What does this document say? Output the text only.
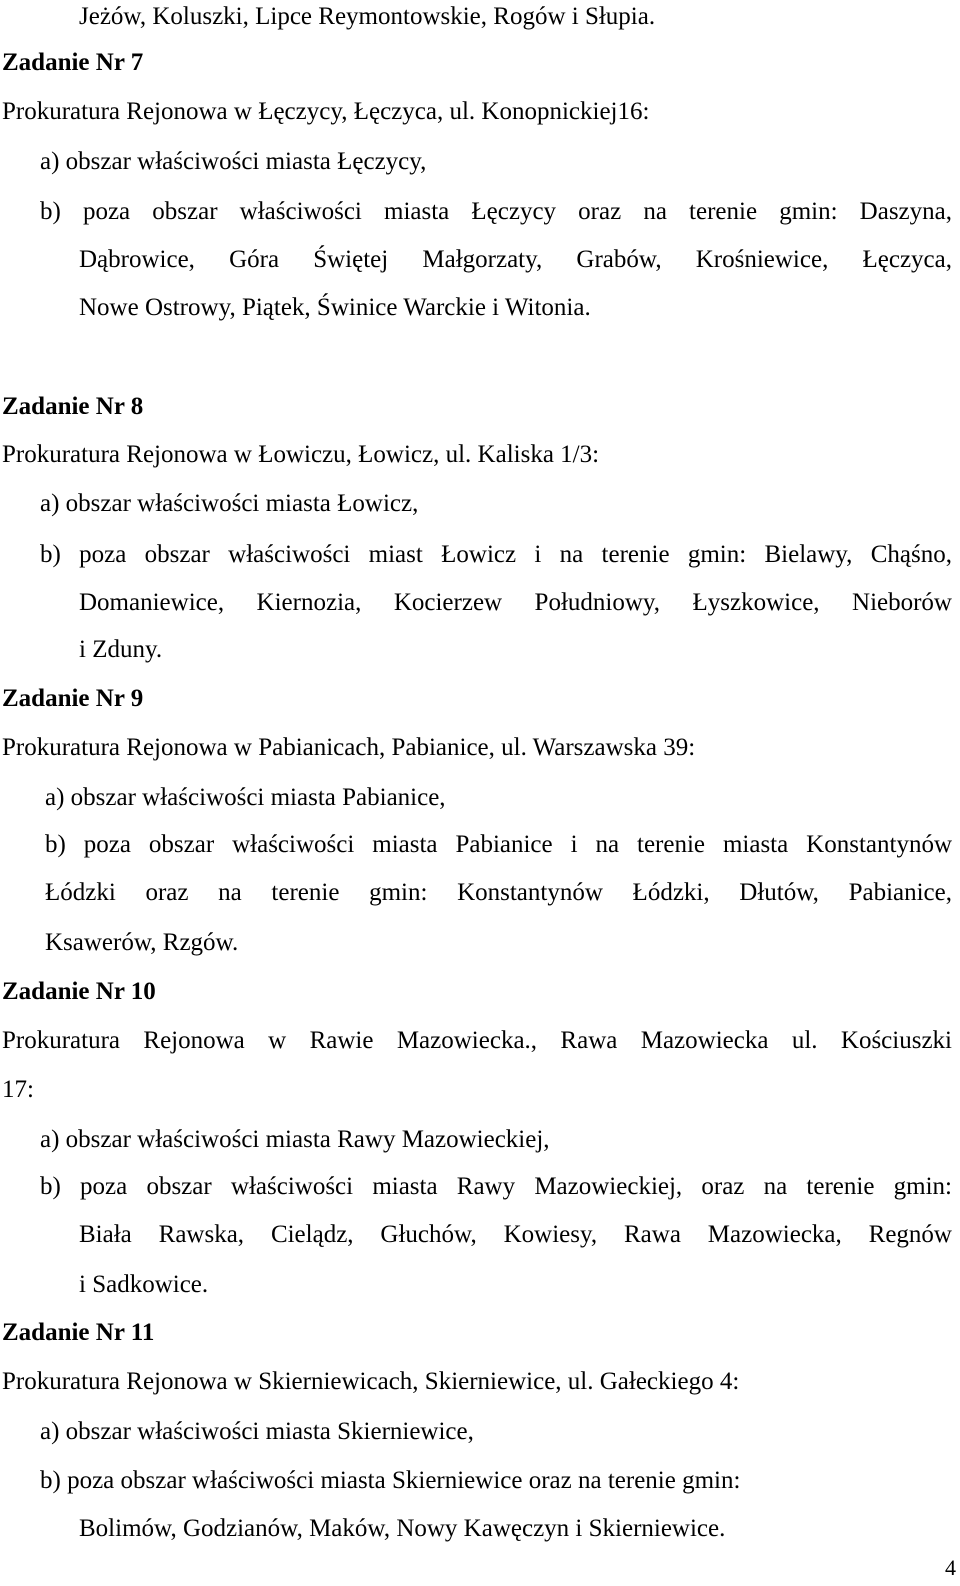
Jeżów, Koluszki, Lipce Reymontowskie, Rogów i Słupia.
Zadanie Nr 7
Prokuratura Rejonowa w Łęczycy, Łęczyca, ul. Konopnickiej16:
a) obszar właściwości miasta Łęczycy,
b) poza obszar właściwości miasta Łęczycy oraz na terenie gmin: Daszyna,
Dąbrowice, Góra Świętej Małgorzaty, Grabów, Krośniewice, Łęczyca,
Nowe Ostrowy, Piątek, Świnice Warckie i Witonia.
Zadanie Nr 8
Prokuratura Rejonowa w Łowiczu, Łowicz, ul. Kaliska 1/3:
a) obszar właściwości miasta Łowicz,
b) poza obszar właściwości miast Łowicz i na terenie gmin: Bielawy, Chąśno,
Domaniewice, Kiernozia, Kocierzew Południowy, Łyszkowice, Nieborów
i Zduny.
Zadanie Nr 9
Prokuratura Rejonowa w Pabianicach, Pabianice, ul. Warszawska 39:
a) obszar właściwości miasta Pabianice,
b) poza obszar właściwości miasta Pabianice i na terenie miasta Konstantynów
Łódzki oraz na terenie gmin: Konstantynów Łódzki, Dłutów, Pabianice,
Ksawerów, Rzgów.
Zadanie Nr 10
Prokuratura Rejonowa w Rawie Mazowiecka., Rawa Mazowiecka ul. Kościuszki
17:
a) obszar właściwości miasta Rawy Mazowieckiej,
b) poza obszar właściwości miasta Rawy Mazowieckiej, oraz na terenie gmin:
Biała Rawska, Cielądz, Głuchów, Kowiesy, Rawa Mazowiecka, Regnów
i Sadkowice.
Zadanie Nr 11
Prokuratura Rejonowa w Skierniewicach, Skierniewice, ul. Gałeckiego 4:
a) obszar właściwości miasta Skierniewice,
b) poza obszar właściwości miasta Skierniewice oraz na terenie gmin:
Bolimów, Godzianów, Maków, Nowy Kawęczyn i Skierniewice.
4
